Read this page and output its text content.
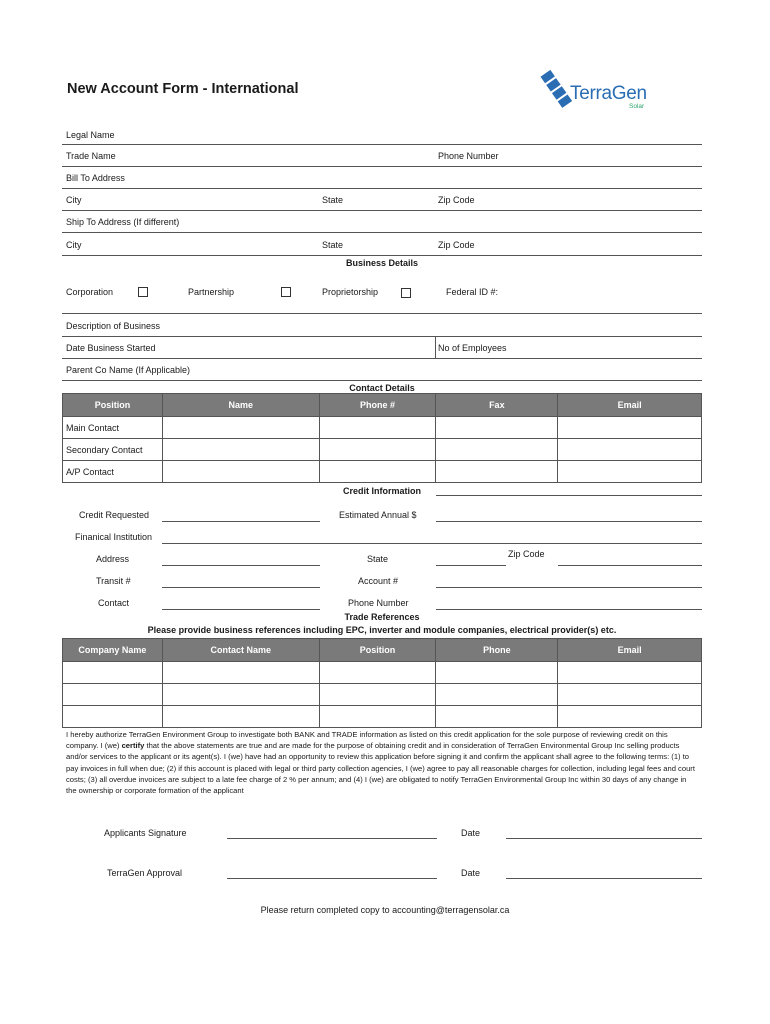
New Account Form - International	TerraGen
Solar
Legal Name
Trade Name	Phone Number
Bill To Address
City	State	Zip Code
Ship To Address (If different)
City	State	Zip Code
Business Details
Corporation	Partnership	Proprietorship	Federal ID #:
Description of Business
Date Business Started	No of Employees
Parent Co Name (If Applicable)
Contact Details
Position	Name	Phone #	Fax	Email
Main Contact				
Secondary Contact				
A/P Contact				
Credit Information
Credit Requested	Estimated Annual $
Finanical Institution
Address	State	Zip Code
Transit #	Account #
Contact	Phone Number
Trade References
Please provide business references including EPC, inverter and module companies, electrical provider(s) etc.
Company Name	Contact Name	Position	Phone	Email

I hereby authorize TerraGen Environment Group to investigate both BANK and TRADE information as listed on this credit application for the sole purpose of reviewing credit on this company. I (we) certify that the above statements are true and are made for the purpose of obtaining credit and in consideration of TerraGen Environmental Group Inc selling products and/or services to the applicant or its agent(s). I (we) have had an opportunity to review this application before signing it and confirm the applicant shall agree to the following terms: (1) to pay invoices in full when due; (2) if this account is placed with legal or third party collection agencies, I (we) agree to pay all reasonable charges for collection, including legal fees and court costs; (3) all overdue invoices are subject to a late fee charge of 2 % per annum; and (4) I (we) are obligated to notify TerraGen Environmental Group Inc within 30 days of any change in the ownership or corporate formation of the applicant
Applicants Signature	Date
TerraGen Approval	Date
Please return completed copy to accounting@terragensolar.ca
